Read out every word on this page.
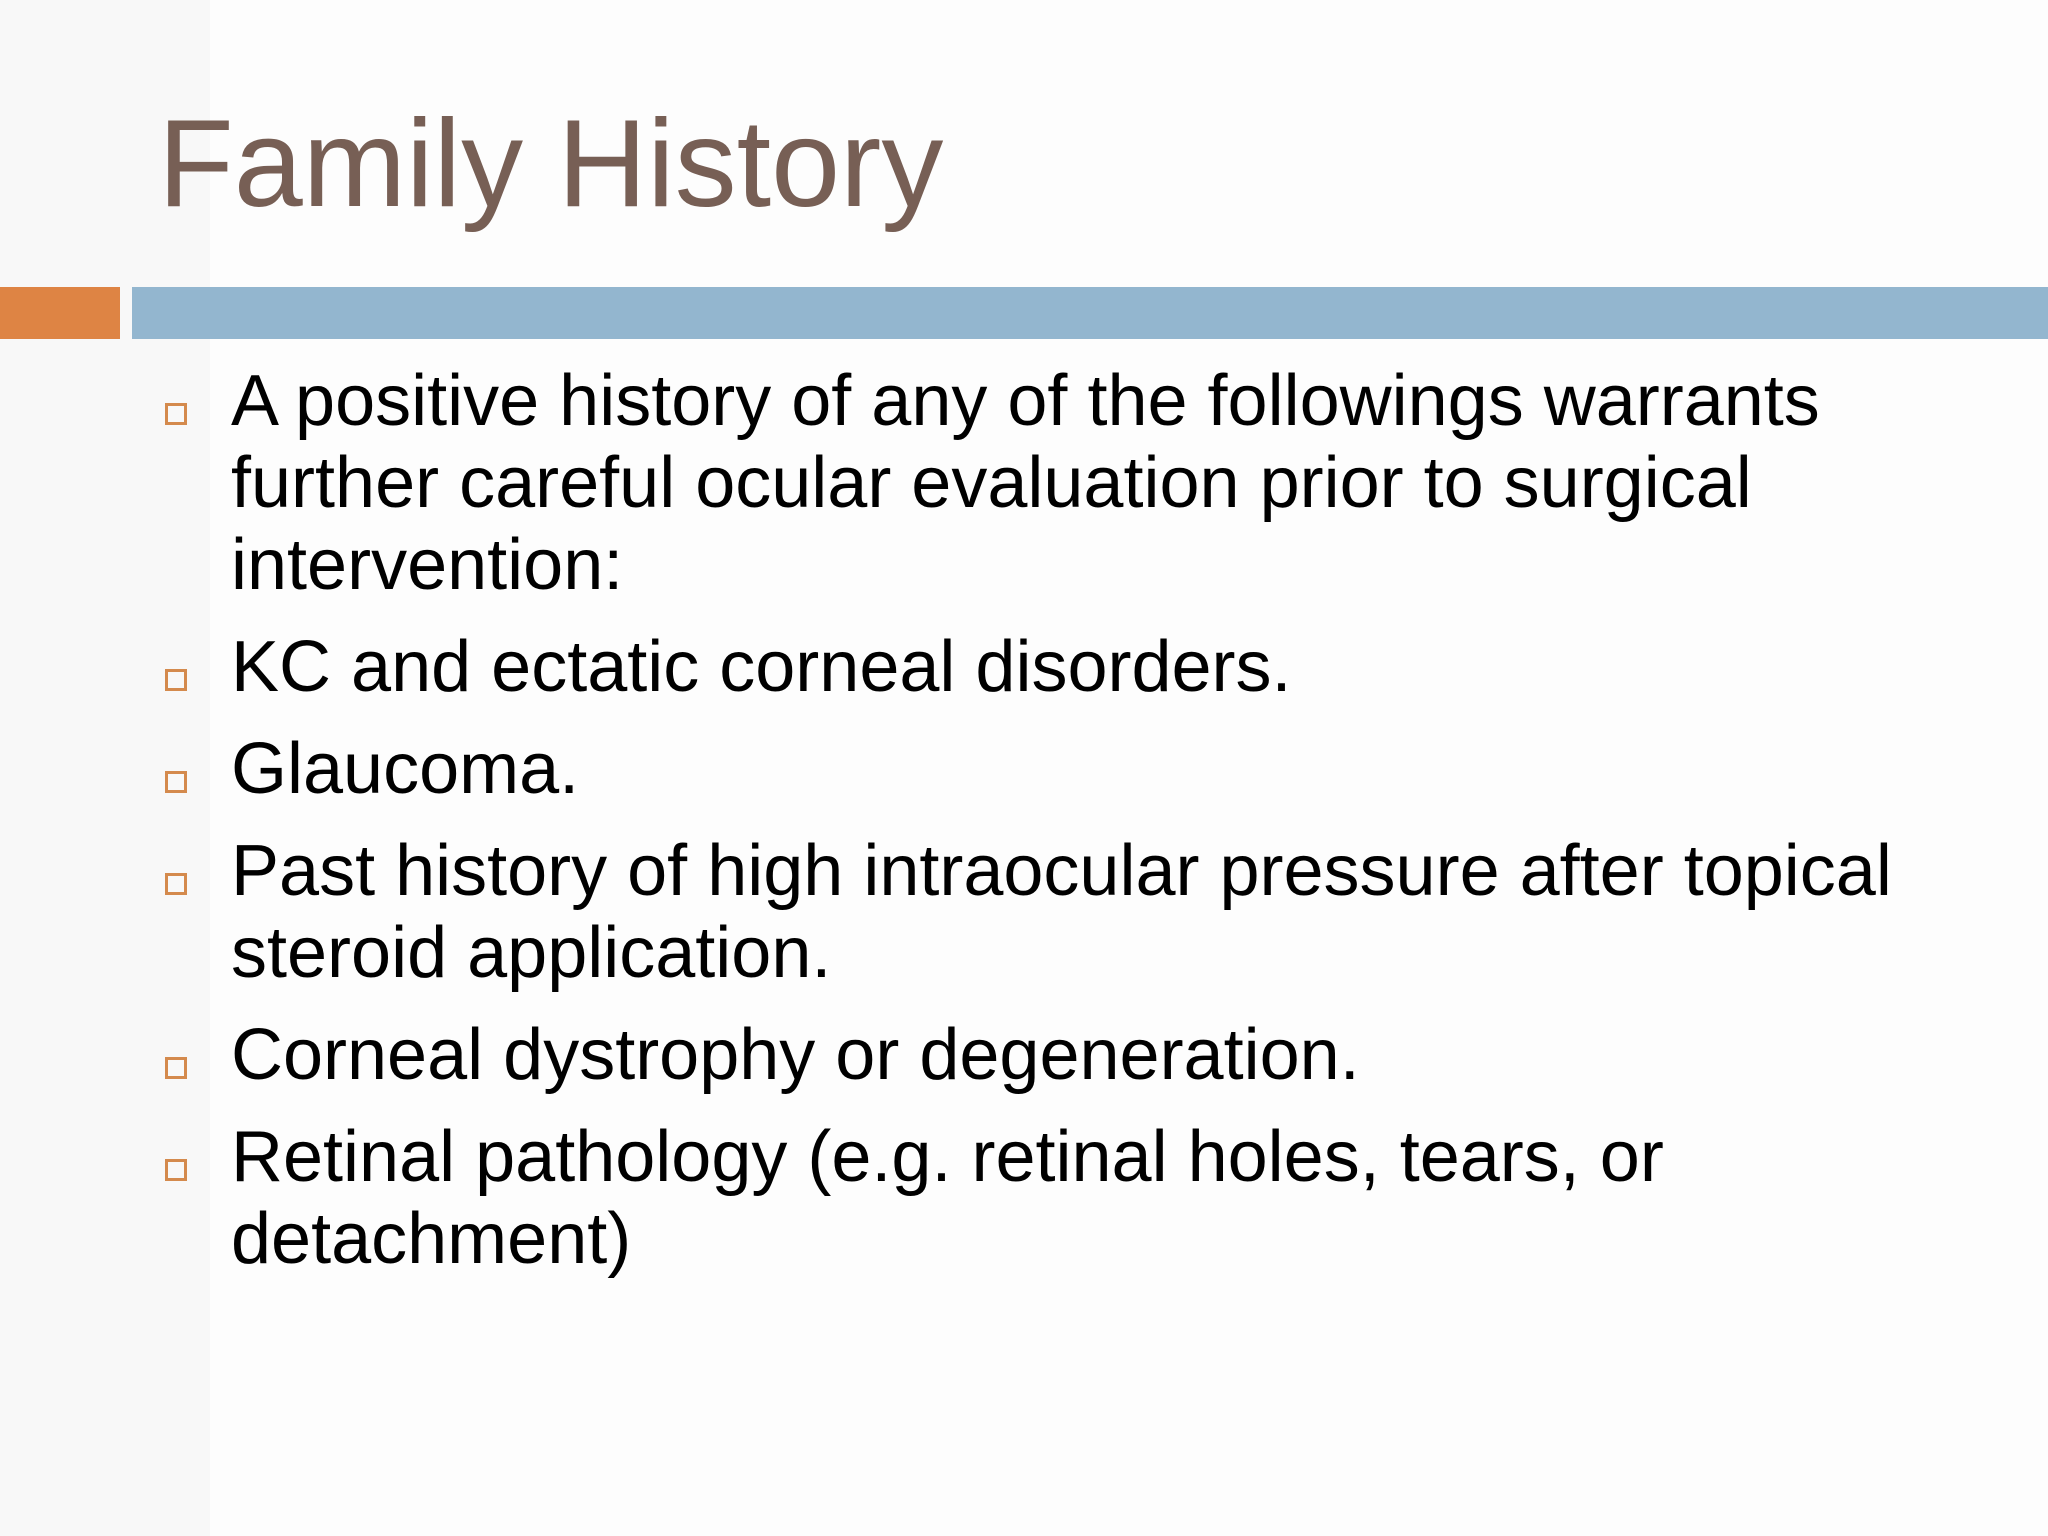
Family History
A positive history of any of the followings warrants further careful ocular evaluation prior to surgical intervention:
KC and ectatic corneal disorders.
Glaucoma.
Past history of high intraocular pressure after topical steroid application.
Corneal dystrophy or degeneration.
Retinal pathology (e.g. retinal holes, tears, or detachment)
